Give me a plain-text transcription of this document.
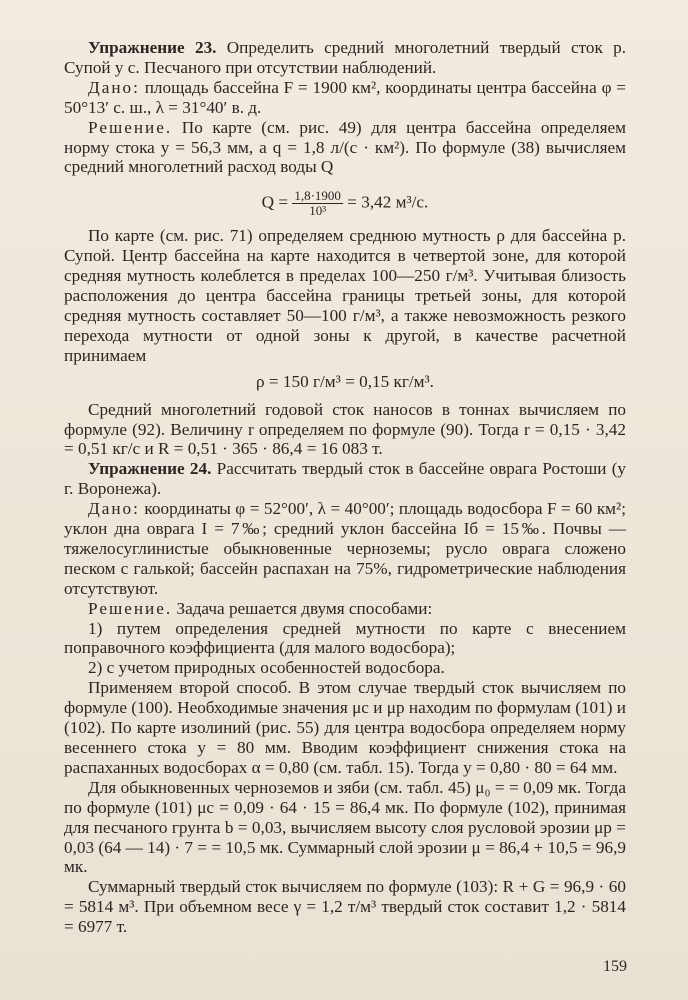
Упражнение 23. Определить средний многолетний твердый сток р. Супой у с. Песчаного при отсутствии наблюдений.

Дано: площадь бассейна F = 1900 км², координаты центра бассейна φ = 50°13′ с. ш., λ = 31°40′ в. д.

Решение. По карте (см. рис. 49) для центра бассейна определяем норму стока y = 56,3 мм, а q = 1,8 л/(с · км²). По формуле (38) вычисляем средний многолетний расход воды Q

$Q = \frac{1,8\cdot 1900}{\text{10³}} = 3,42$ м³/с.

По карте (см. рис. 71) определяем среднюю мутность ρ для бассейна р. Супой. Центр бассейна на карте находится в четвертой зоне, для которой средняя мутность колеблется в пределах 100—250 г/м³. Учитывая близость расположения до центра бассейна границы третьей зоны, для которой средняя мутность составляет 50—100 г/м³, а также невозможность резкого перехода мутности от одной зоны к другой, в качестве расчетной принимаем

ρ = 150 г/м³ = 0,15 кг/м³.

Средний многолетний годовой сток наносов в тоннах вычисляем по формуле (92). Величину r определяем по формуле (90). Тогда r = 0,15 · 3,42 = 0,51 кг/с и R = 0,51 · 365 · 86,4 = 16 083 т.

Упражнение 24. Рассчитать твердый сток в бассейне оврага Ростоши (у г. Воронежа).

Дано: координаты φ = 52°00′, λ = 40°00′; площадь водосбора F = 60 км²; уклон дна оврага I = 7‰; средний уклон бассейна Iб = 15‰. Почвы — тяжелосуглинистые обыкновенные черноземы; русло оврага сложено песком с галькой; бассейн распахан на 75%, гидрометрические наблюдения отсутствуют.

Решение. Задача решается двумя способами:

1) путем определения средней мутности по карте с внесением поправочного коэффициента (для малого водосбора);

2) с учетом природных особенностей водосбора.

Применяем второй способ. В этом случае твердый сток вычисляем по формуле (100). Необходимые значения μс и μр находим по формулам (101) и (102). По карте изолиний (рис. 55) для центра водосбора определяем норму весеннего стока y = 80 мм. Вводим коэффициент снижения стока на распаханных водосборах α = 0,80 (см. табл. 15). Тогда y = 0,80 · 80 = 64 мм.

Для обыкновенных черноземов и зяби (см. табл. 45) μ₀ = = 0,09 мк. Тогда по формуле (101) μс = 0,09 · 64 · 15 = 86,4 мк. По формуле (102), принимая для песчаного грунта b = 0,03, вычисляем высоту слоя русловой эрозии μр = 0,03 (64 — 14) · 7 = = 10,5 мк. Суммарный слой эрозии μ = 86,4 + 10,5 = 96,9 мк.

Суммарный твердый сток вычисляем по формуле (103): R + G = 96,9 · 60 = 5814 м³. При объемном весе γ = 1,2 т/м³ твердый сток составит 1,2 · 5814 = 6977 т.

159
